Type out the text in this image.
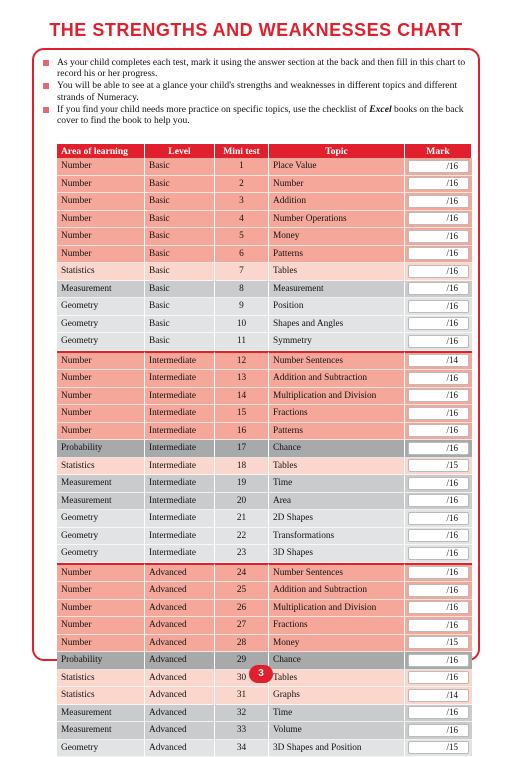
THE STRENGTHS AND WEAKNESSES CHART
As your child completes each test, mark it using the answer section at the back and then fill in this chart to record his or her progress.
You will be able to see at a glance your child's strengths and weaknesses in different topics and different strands of Numeracy.
If you find your child needs more practice on specific topics, use the checklist of Excel books on the back cover to find the book to help you.
Area of learning	Level	Mini test	Topic	Mark
Number	Basic	1	Place Value	/16

Number	Basic	2	Number	/16

Number	Basic	3	Addition	/16

Number	Basic	4	Number Operations	/16

Number	Basic	5	Money	/16

Number	Basic	6	Patterns	/16

Statistics	Basic	7	Tables	/16

Measurement	Basic	8	Measurement	/16

Geometry	Basic	9	Position	/16

Geometry	Basic	10	Shapes and Angles	/16

Geometry	Basic	11	Symmetry	/16

Number	Intermediate	12	Number Sentences	/14

Number	Intermediate	13	Addition and Subtraction	/16

Number	Intermediate	14	Multiplication and Division	/16

Number	Intermediate	15	Fractions	/16

Number	Intermediate	16	Patterns	/16

Probability	Intermediate	17	Chance	/16

Statistics	Intermediate	18	Tables	/15

Measurement	Intermediate	19	Time	/16

Measurement	Intermediate	20	Area	/16

Geometry	Intermediate	21	2D Shapes	/16

Geometry	Intermediate	22	Transformations	/16

Geometry	Intermediate	23	3D Shapes	/16

Number	Advanced	24	Number Sentences	/16

Number	Advanced	25	Addition and Subtraction	/16

Number	Advanced	26	Multiplication and Division	/16

Number	Advanced	27	Fractions	/16

Number	Advanced	28	Money	/15

Probability	Advanced	29	Chance	/16

Statistics	Advanced	30	Tables	/16

Statistics	Advanced	31	Graphs	/14

Measurement	Advanced	32	Time	/16

Measurement	Advanced	33	Volume	/16

Geometry	Advanced	34	3D Shapes and Position	/15
3
